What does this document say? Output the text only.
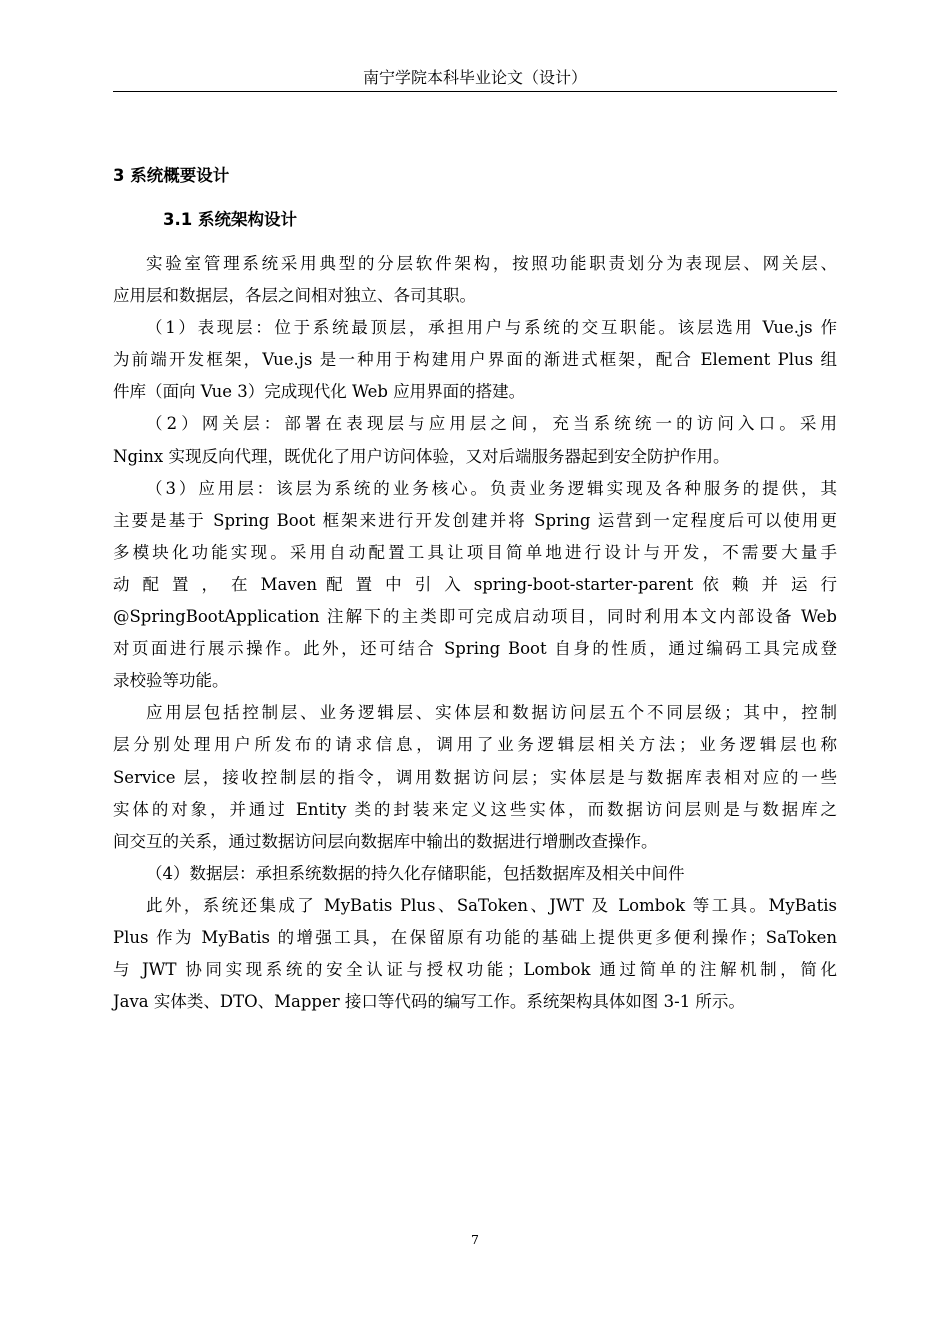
南宁学院本科毕业论文（设计）
3 系统概要设计
3.1 系统架构设计
实验室管理系统采用典型的分层软件架构，按照功能职责划分为表现层、网关层、
应用层和数据层，各层之间相对独立、各司其职。
（1）表现层：位于系统最顶层，承担用户与系统的交互职能。该层选用 Vue.js 作
为前端开发框架，Vue.js 是一种用于构建用户界面的渐进式框架，配合 Element Plus 组
件库（面向 Vue 3）完成现代化 Web 应用界面的搭建。
（2）网关层：部署在表现层与应用层之间，充当系统统一的访问入口。采用
Nginx 实现反向代理，既优化了用户访问体验，又对后端服务器起到安全防护作用。
（3）应用层：该层为系统的业务核心。负责业务逻辑实现及各种服务的提供，其
主要是基于 Spring Boot 框架来进行开发创建并将 Spring 运营到一定程度后可以使用更
多模块化功能实现。采用自动配置工具让项目简单地进行设计与开发，不需要大量手
动 配 置 ， 在 Maven 配 置 中 引 入 spring-boot-starter-parent 依 赖 并 运 行
@SpringBootApplication 注解下的主类即可完成启动项目，同时利用本文内部设备 Web
对页面进行展示操作。此外，还可结合 Spring Boot 自身的性质，通过编码工具完成登
录校验等功能。
应用层包括控制层、业务逻辑层、实体层和数据访问层五个不同层级；其中，控制
层分别处理用户所发布的请求信息，调用了业务逻辑层相关方法；业务逻辑层也称
Service 层，接收控制层的指令，调用数据访问层；实体层是与数据库表相对应的一些
实体的对象，并通过 Entity 类的封装来定义这些实体，而数据访问层则是与数据库之
间交互的关系，通过数据访问层向数据库中输出的数据进行增删改查操作。
（4）数据层：承担系统数据的持久化存储职能，包括数据库及相关中间件
此外，系统还集成了 MyBatis Plus、SaToken、JWT 及 Lombok 等工具。MyBatis
Plus 作为 MyBatis 的增强工具，在保留原有功能的基础上提供更多便利操作；SaToken
与 JWT 协同实现系统的安全认证与授权功能；Lombok 通过简单的注解机制，简化
Java 实体类、DTO、Mapper 接口等代码的编写工作。系统架构具体如图 3-1 所示。
7
